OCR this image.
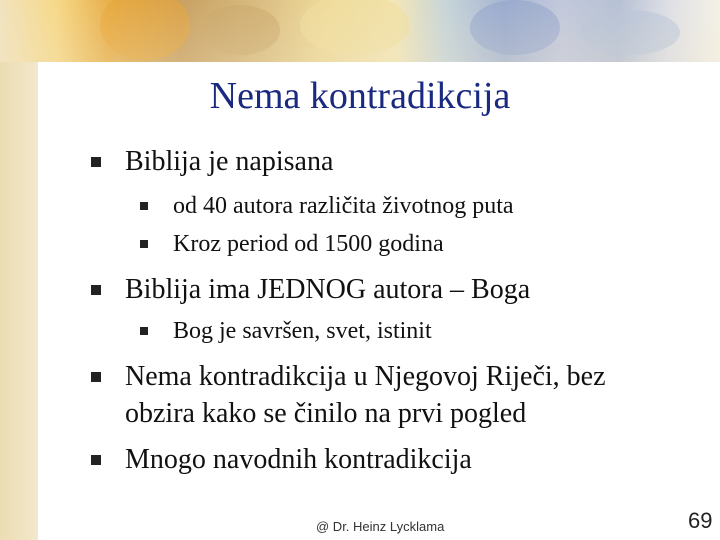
Nema kontradikcija
Biblija je napisana
od 40 autora različita životnog puta
Kroz period od 1500 godina
Biblija ima JEDNOG autora – Boga
Bog je savršen, svet, istinit
Nema kontradikcija u Njegovoj Riječi, bez
obzira kako se činilo na prvi pogled
Mnogo navodnih kontradikcija
@ Dr. Heinz Lycklama	69
